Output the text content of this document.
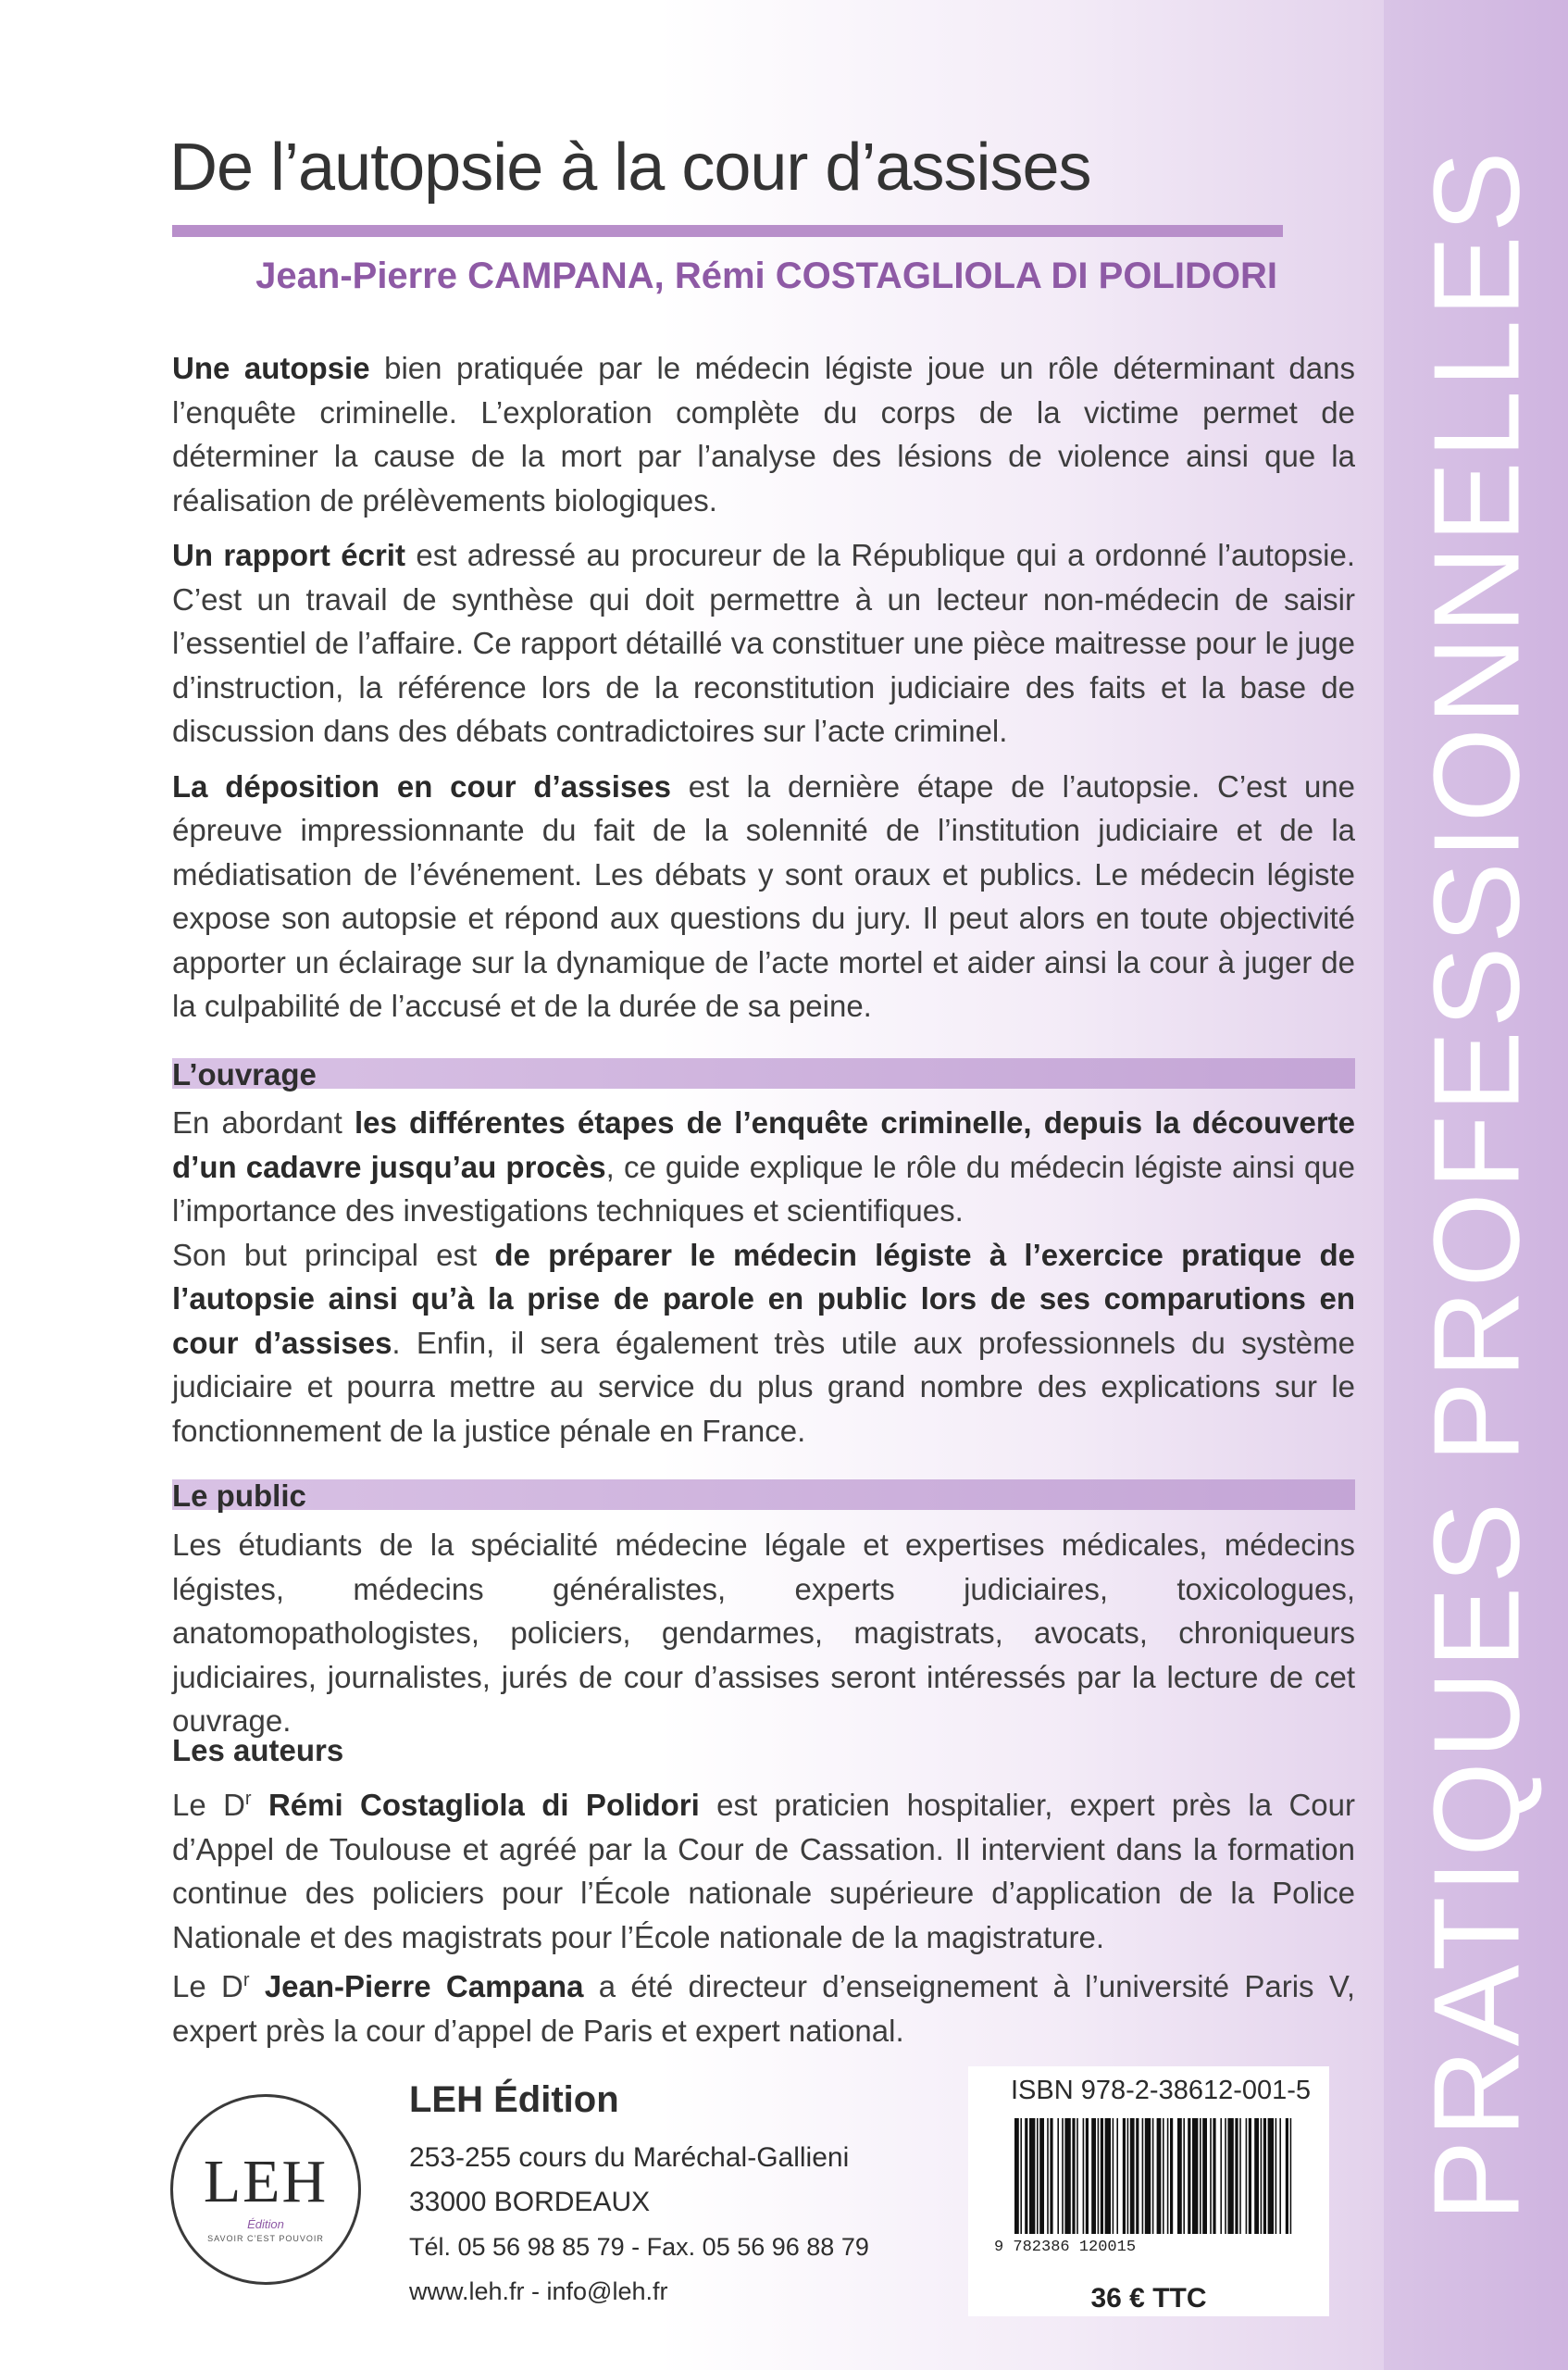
PRATIQUES PROFESSIONNELLES
De l’autopsie à la cour d’assises
Jean-Pierre CAMPANA, Rémi COSTAGLIOLA DI POLIDORI

Une autopsie bien pratiquée par le médecin légiste joue un rôle déterminant dans l’enquête criminelle. L’exploration complète du corps de la victime permet de déterminer la cause de la mort par l’analyse des lésions de violence ainsi que la réalisation de prélèvements biologiques.

Un rapport écrit est adressé au procureur de la République qui a ordonné l’autopsie. C’est un travail de synthèse qui doit permettre à un lecteur non-médecin de saisir l’essentiel de l’affaire. Ce rapport détaillé va constituer une pièce maitresse pour le juge d’instruction, la référence lors de la reconstitution judiciaire des faits et la base de discussion dans des débats contradictoires sur l’acte criminel.

La déposition en cour d’assises est la dernière étape de l’autopsie. C’est une épreuve impressionnante du fait de la solennité de l’institution judiciaire et de la médiatisation de l’événement. Les débats y sont oraux et publics. Le médecin légiste expose son autopsie et répond aux questions du jury. Il peut alors en toute objectivité apporter un éclairage sur la dynamique de l’acte mortel et aider ainsi la cour à juger de la culpabilité de l’accusé et de la durée de sa peine.

L’ouvrage

En abordant les différentes étapes de l’enquête criminelle, depuis la découverte d’un cadavre jusqu’au procès, ce guide explique le rôle du médecin légiste ainsi que l’importance des investigations techniques et scientifiques.

Son but principal est de préparer le médecin légiste à l’exercice pratique de l’autopsie ainsi qu’à la prise de parole en public lors de ses comparutions en cour d’assises. Enfin, il sera également très utile aux professionnels du système judiciaire et pourra mettre au service du plus grand nombre des explications sur le fonctionnement de la justice pénale en France.

Le public

Les étudiants de la spécialité médecine légale et expertises médicales, médecins légistes, médecins généralistes, experts judiciaires, toxicologues, anatomopathologistes, policiers, gendarmes, magistrats, avocats, chroniqueurs judiciaires, journalistes, jurés de cour d’assises seront intéressés par la lecture de cet ouvrage.

Les auteurs

Le $D^r$ Rémi Costagliola di Polidori est praticien hospitalier, expert près la Cour d’Appel de Toulouse et agréé par la Cour de Cassation. Il intervient dans la formation continue des policiers pour l’École nationale supérieure d’application de la Police Nationale et des magistrats pour l’École nationale de la magistrature.

Le $D^r$ Jean-Pierre Campana a été directeur d’enseignement à l’université Paris V, expert près la cour d’appel de Paris et expert national.

LEH
Édition
SAVOIR C’EST POUVOIR

LEH Édition

253-255 cours du Maréchal-Gallieni

33000 BORDEAUX

Tél. 05 56 98 85 79 - Fax. 05 56 96 88 79

www.leh.fr - info@leh.fr

ISBN 978-2-38612-001-5
9 782386 120015
36 € TTC
